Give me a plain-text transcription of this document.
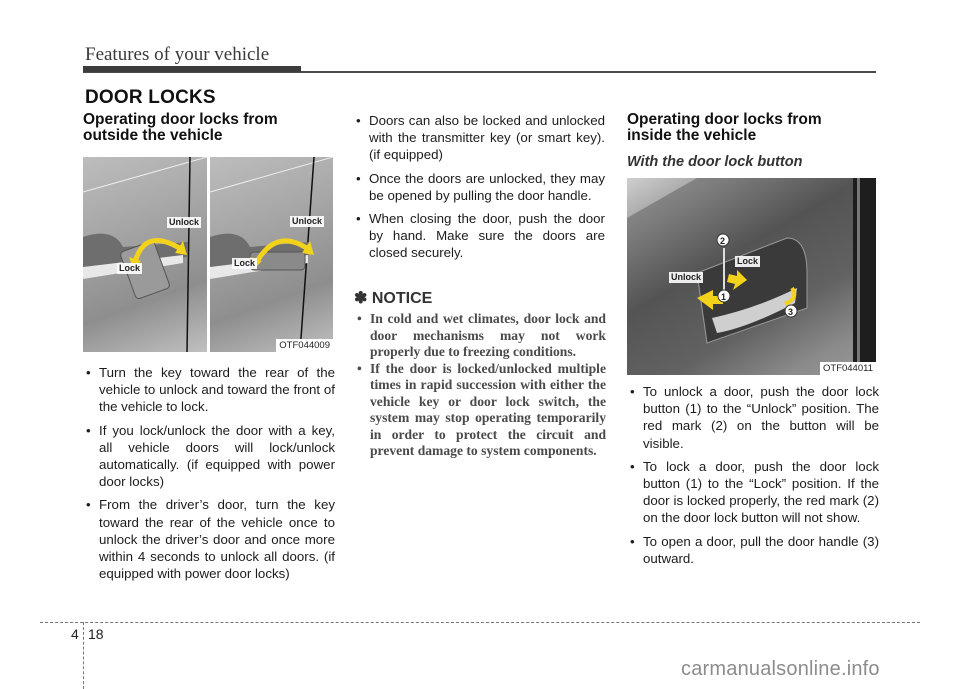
Features of your vehicle
DOOR LOCKS
Operating door locks from
outside the vehicle
Unlock
Lock
Unlock
Lock
OTF044009
• Turn the key toward the rear of the vehicle to unlock and toward the front of the vehicle to lock.
• If you lock/unlock the door with a key, all vehicle doors will lock/unlock automatically. (if equipped with power door locks)
• From the driver’s door, turn the key toward the rear of the vehicle once to unlock the driver’s door and once more within 4 seconds to unlock all doors. (if equipped with power door locks)
• Doors can also be locked and unlocked with the transmitter key (or smart key). (if equipped)
• Once the doors are unlocked, they may be opened by pulling the door handle.
• When closing the door, push the door by hand. Make sure the doors are closed securely.
✽ NOTICE
• In cold and wet climates, door lock and door mechanisms may not work properly due to freezing conditions.
• If the door is locked/unlocked multiple times in rapid succession with either the vehicle key or door lock switch, the system may stop operating temporarily in order to protect the circuit and prevent damage to system components.
Operating door locks from
inside the vehicle
With the door lock button
2
1
3
Unlock
Lock
OTF044011
• To unlock a door, push the door lock button (1) to the “Unlock” position. The red mark (2) on the button will be visible.
• To lock a door, push the door lock button (1) to the “Lock” position. If the door is locked properly, the red mark (2) on the door lock button will not show.
• To open a door, pull the door handle (3) outward.
4 18
carmanualsonline.info
